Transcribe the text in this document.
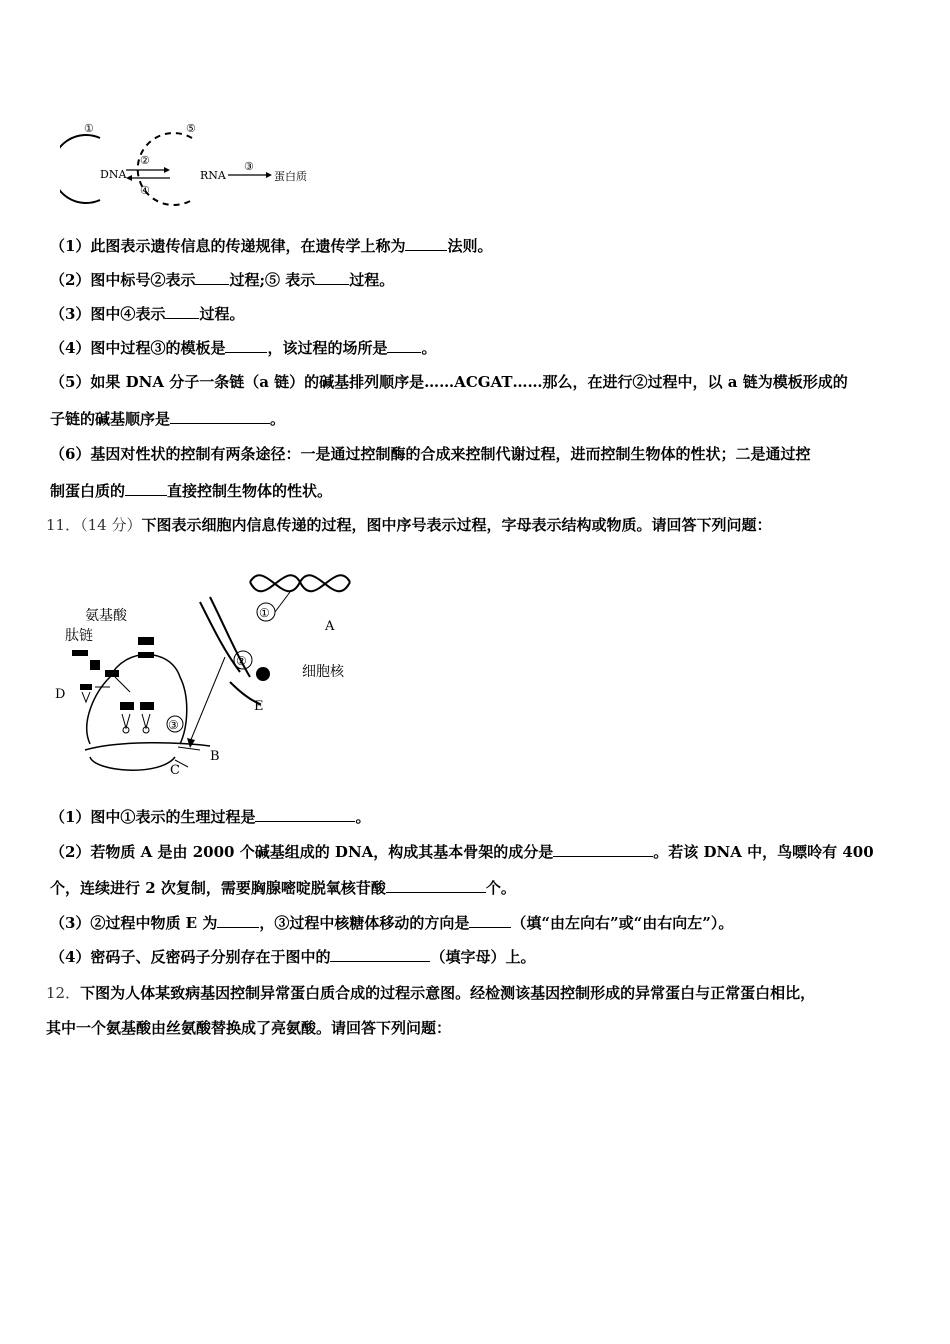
①
DNA
②
④
⑤
RNA
③
蛋白质
（1）此图表示遗传信息的传递规律，在遗传学上称为	法则。
（2）图中标号②表示 过程;⑤ 表示 过程。
（3）图中④表示 过程。
（4）图中过程③的模板是	，该过程的场所是 。
（5）如果 DNA 分子一条链（a 链）的碱基排列顺序是……ACGAT……那么，在进行②过程中，以 a 链为模板形成的
子链的碱基顺序是	。
（6）基因对性状的控制有两条途径：一是通过控制酶的合成来控制代谢过程，进而控制生物体的性状；二是通过控
制蛋白质的	直接控制生物体的性状。
11．（14 分）下图表示细胞内信息传递的过程，图中序号表示过程，字母表示结构或物质。请回答下列问题：
氨基酸
肽链
D
③
B
C
①
②
A
细胞核
E
（1）图中①表示的生理过程是	。
（2）若物质 A 是由 2000 个碱基组成的 DNA，构成其基本骨架的成分是	。若该 DNA 中，鸟嘌呤有 400
个，连续进行 2 次复制，需要胸腺嘧啶脱氧核苷酸	个。
（3）②过程中物质 E 为	，③过程中核糖体移动的方向是	（填“由左向右”或“由右向左”）。
（4）密码子、反密码子分别存在于图中的	（填字母）上。
12．下图为人体某致病基因控制异常蛋白质合成的过程示意图。经检测该基因控制形成的异常蛋白与正常蛋白相比，
其中一个氨基酸由丝氨酸替换成了亮氨酸。请回答下列问题：
